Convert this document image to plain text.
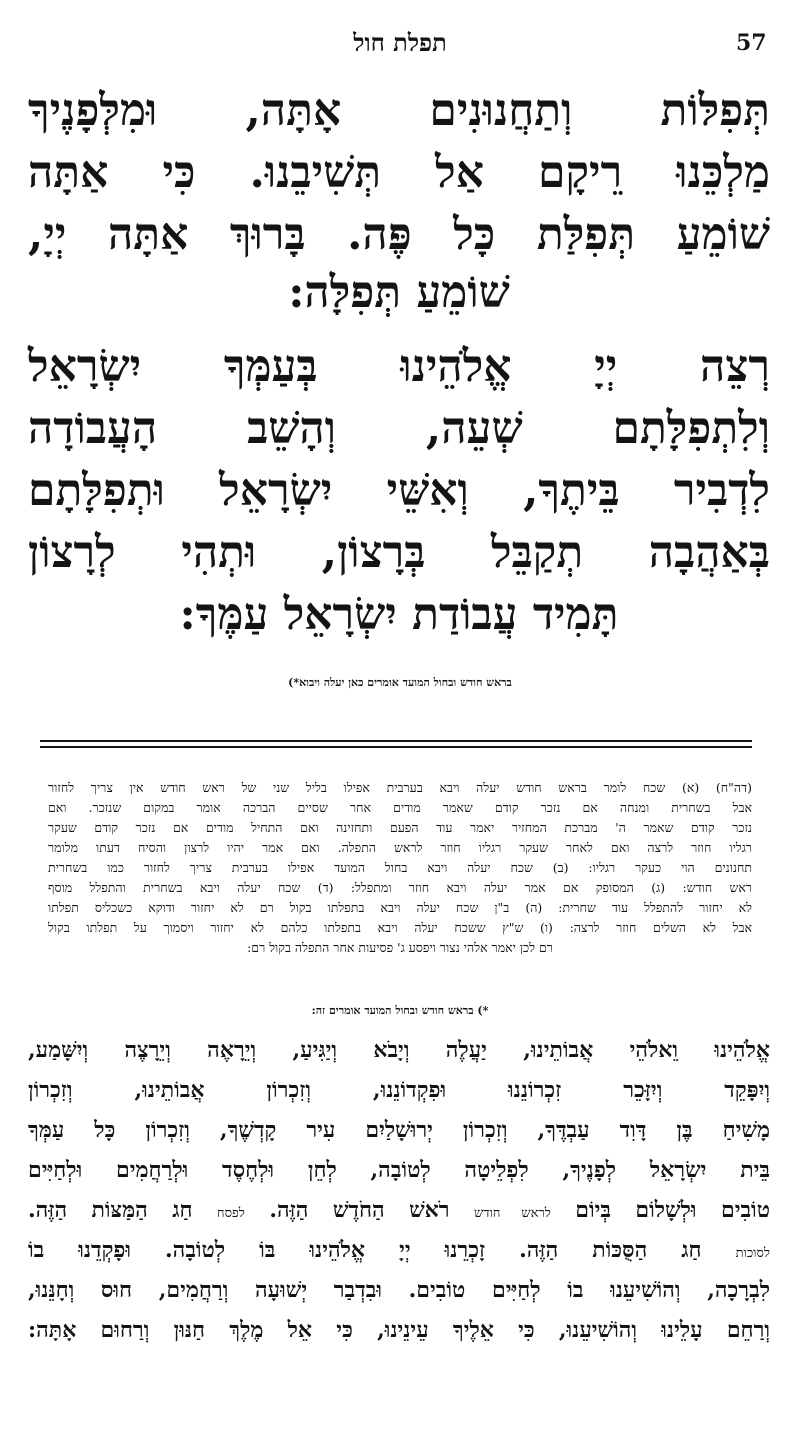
57
תפלת חול
תְּפִלּוֹת וְתַחֲנוּנִים אָתָּה, וּמִלְּפָנֶיךָ
מַלְכֵּנוּ רֵיקָם אַל תְּשִׁיבֵנוּ. כִּי אַתָּה
שׁוֹמֵעַ תְּפִלַּת כָּל פֶּה. בָּרוּךְ אַתָּה יְיָ,
שׁוֹמֵעַ תְּפִלָּה:
רְצֵה יְיָ אֱלֹהֵינוּ בְּעַמְּךָ יִשְׂרָאֵל
וְלִתְפִלָּתָם שְׁעֵה, וְהָשֵׁב הָעֲבוֹדָה
לִדְבִיר בֵּיתֶךָ, וְאִשֵּׁי יִשְׂרָאֵל וּתְפִלָּתָם
בְּאַהֲבָה תְקַבֵּל בְּרָצוֹן, וּתְהִי לְרָצוֹן
תָּמִיד עֲבוֹדַת יִשְׂרָאֵל עַמֶּךָ:
בראש חודש ובחול המועד אומרים כאן יעלה ויבוא*)
(דה"ח) (א) שכח לומר בראש חודש יעלה ויבא בערבית אפילו בליל שני של ראש חודש אין צריך לחזור
אבל בשחרית ומנחה אם נזכר קודם שאמר מודים אחר שסיים הברכה אומר במקום שנזכר. ואם
נזכר קודם שאמר ה' מברכת המחזיר יאמר עוד הפעם ותחזינה ואם התחיל מודים אם נזכר קודם שעקר
רגליו חוזר לרצה ואם לאחר שעקר רגליו חוזר לראש התפלה. ואם אמר יהיו לרצון והסיח דעתו מלומר
תחנונים הוי כעקר רגליו: (ב) שכח יעלה ויבא בחול המועד אפילו בערבית צריך לחזור כמו בשחרית
ראש חודש: (ג) המסופק אם אמר יעלה ויבא חוזר ומתפלל: (ד) שכח יעלה ויבא בשחרית והתפלל מוסף
לא יחזור להתפלל עוד שחרית: (ה) ב"ן שכח יעלה ויבא בתפלתו בקול רם לא יחזור ודוקא כשכליס תפלתו
אבל לא השלים חוזר לרצה: (ו) ש"ץ ששכח יעלה ויבא בתפלתו כלהם לא יחזור ויסמוך על תפלתו בקול
רם לכן יאמר אלהי נצור ויפסע ג' פסיעות אחר התפלה בקול רם:
*) בראש חודש ובחול המועד אומרים זה:
אֱלֹהֵינוּ וֵאלֹהֵי אֲבוֹתֵינוּ, יַעֲלֶה וְיָבֹא וְיַגִּיעַ, וְיֵרָאֶה וְיֵרָצֶה וְיִשָּׁמַע,
וְיִפָּקֵד וְיִזָּכֵר זִכְרוֹנֵנוּ וּפִקְדוֹנֵנוּ, וְזִכְרוֹן אֲבוֹתֵינוּ, וְזִכְרוֹן
מָשִׁיחַ בֶּן דָּוִד עַבְדֶּךָ, וְזִכְרוֹן יְרוּשָׁלַיִם עִיר קָדְשֶׁךָ, וְזִכְרוֹן כָּל עַמְּךָ
בֵּית יִשְׂרָאֵל לְפָנֶיךָ, לִפְלֵיטָה לְטוֹבָה, לְחֵן וּלְחֶסֶד וּלְרַחֲמִים וּלְחַיִּים
טוֹבִים וּלְשָׁלוֹם בְּיוֹם לראש חודש רֹאשׁ הַחֹדֶשׁ הַזֶּה. לפסח חַג הַמַּצּוֹת הַזֶּה.
לסוכות חַג הַסֻּכּוֹת הַזֶּה. זָכְרֵנוּ יְיָ אֱלֹהֵינוּ בּוֹ לְטוֹבָה. וּפָקְדֵנוּ בוֹ
לִבְרָכָה, וְהוֹשִׁיעֵנוּ בוֹ לְחַיִּים טוֹבִים. וּבִדְבַר יְשׁוּעָה וְרַחֲמִים, חוּס וְחָנֵּנוּ,
וְרַחֵם עָלֵינוּ וְהוֹשִׁיעֵנוּ, כִּי אֵלֶיךָ עֵינֵינוּ, כִּי אֵל מֶלֶךְ חַנּוּן וְרַחוּם אָתָּה:
